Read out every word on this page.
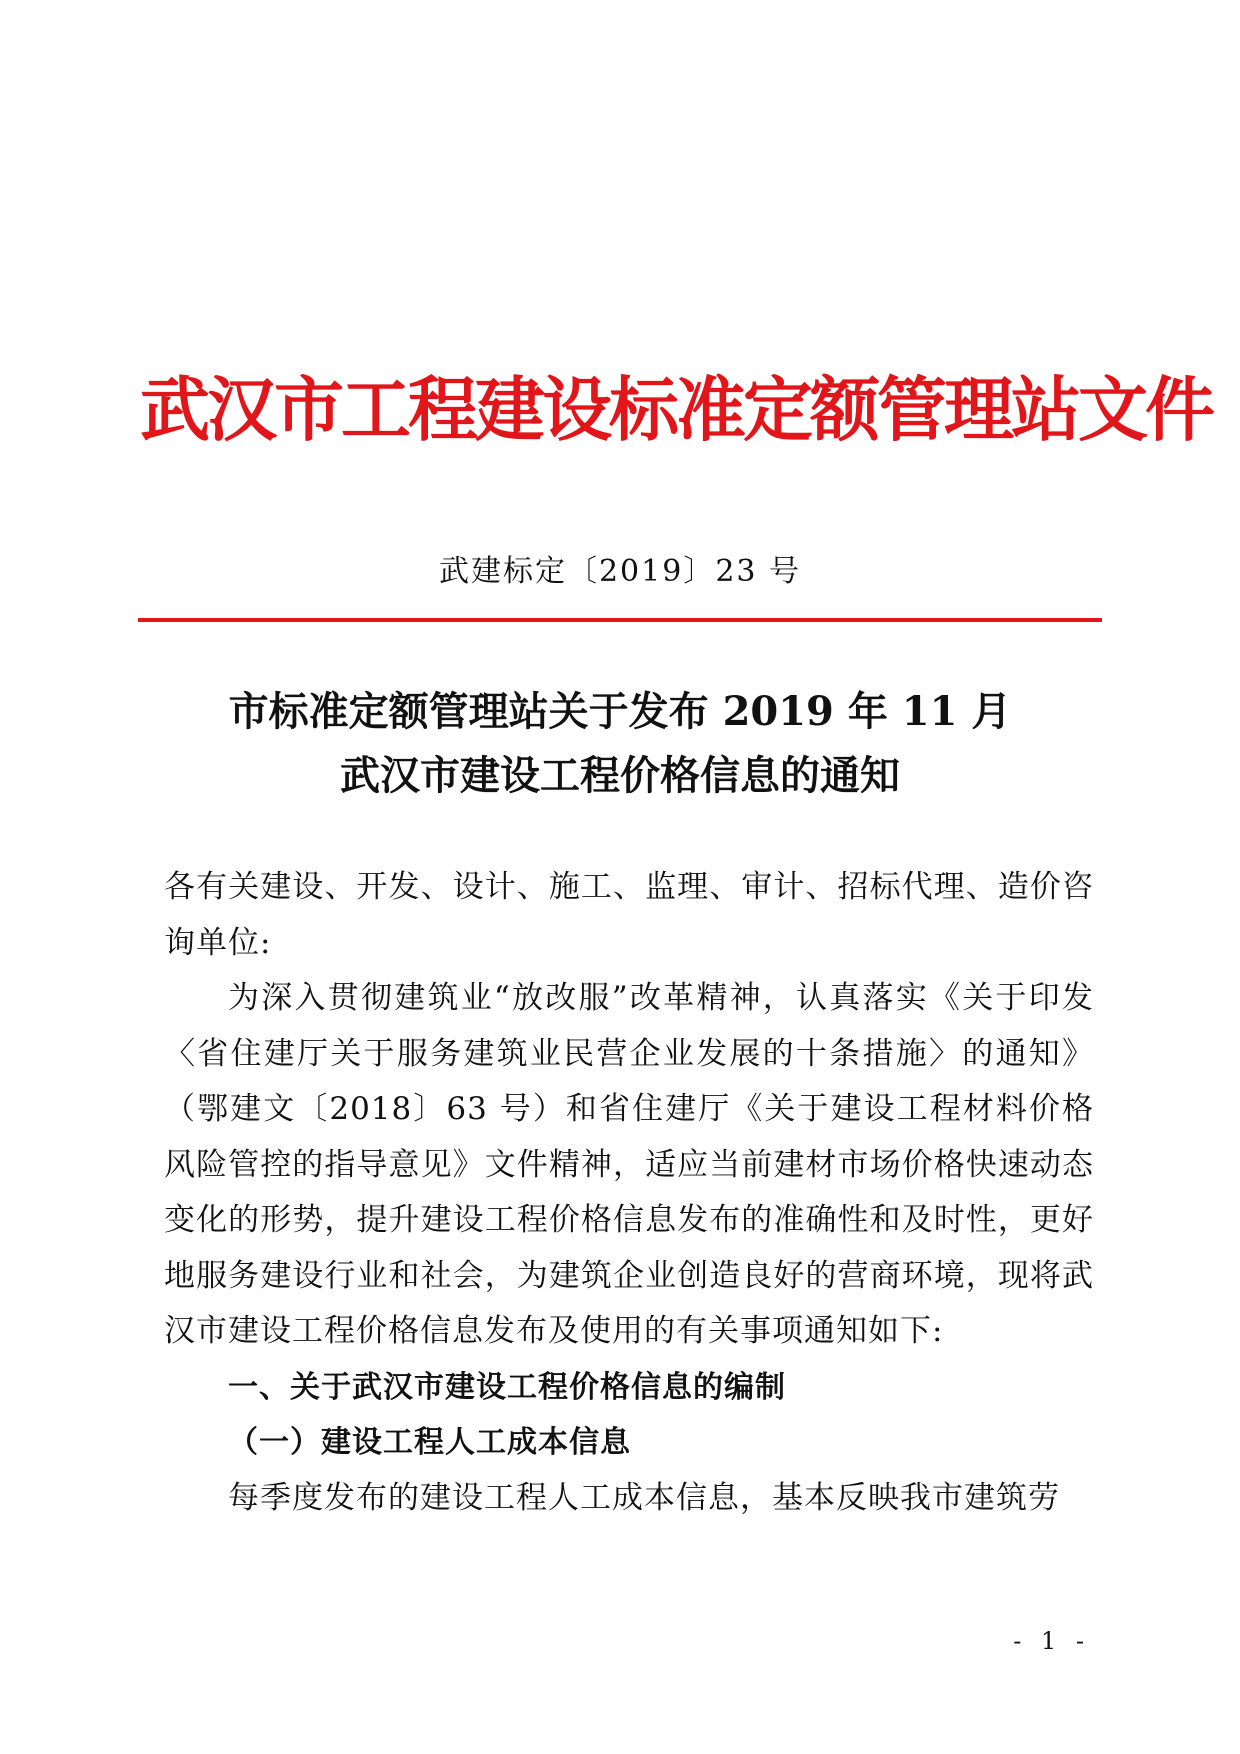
武汉市工程建设标准定额管理站文件
武建标定〔2019〕23 号
市标准定额管理站关于发布 2019 年 11 月
武汉市建设工程价格信息的通知

各有关建设、开发、设计、施工、监理、审计、招标代理、造价咨询单位:

为深入贯彻建筑业“放改服”改革精神，认真落实《关于印发〈省住建厅关于服务建筑业民营企业发展的十条措施〉的通知》（鄂建文〔2018〕63 号）和省住建厅《关于建设工程材料价格风险管控的指导意见》文件精神，适应当前建材市场价格快速动态变化的形势，提升建设工程价格信息发布的准确性和及时性，更好地服务建设行业和社会，为建筑企业创造良好的营商环境，现将武汉市建设工程价格信息发布及使用的有关事项通知如下:

一、关于武汉市建设工程价格信息的编制

（一）建设工程人工成本信息

每季度发布的建设工程人工成本信息，基本反映我市建筑劳

- 1 -
